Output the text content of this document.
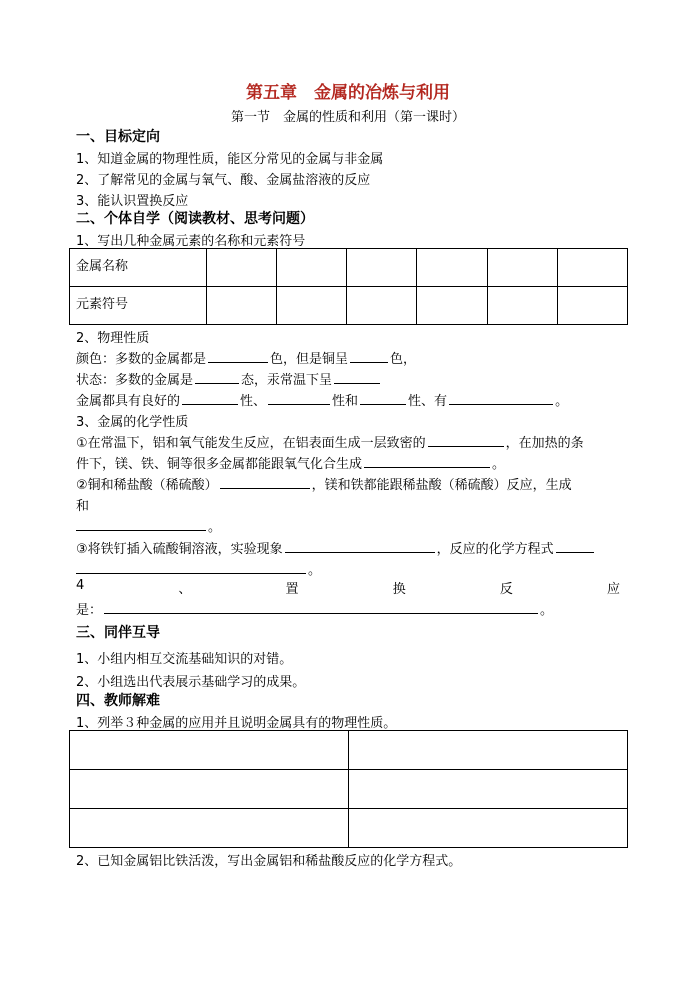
第五章　金属的冶炼与利用
第一节　金属的性质和利用（第一课时）
一、目标定向
1、知道金属的物理性质，能区分常见的金属与非金属
2、了解常见的金属与氧气、酸、金属盐溶液的反应
3、能认识置换反应
二、个体自学（阅读教材、思考问题）
1、写出几种金属元素的名称和元素符号
金属名称						
元素符号						
2、物理性质
颜色：多数的金属都是	色，但是铜呈	色，
状态：多数的金属是	态，汞常温下呈
金属都具有良好的	性、	性和	性、有	。
3、金属的化学性质
①在常温下，铝和氧气能发生反应，在铝表面生成一层致密的	，在加热的条
件下，镁、铁、铜等很多金属都能跟氧气化合生成	。
②铜和稀盐酸（稀硫酸）	，镁和铁都能跟稀盐酸（稀硫酸）反应，生成
和
。
③将铁钉插入硫酸铜溶液，实验现象	，反应的化学方程式
。
4	、	置	换	反	应
是：	。
三、同伴互导
1、小组内相互交流基础知识的对错。
2、小组选出代表展示基础学习的成果。
四、教师解难
1、列举３种金属的应用并且说明金属具有的物理性质。

2、已知金属铝比铁活泼，写出金属铝和稀盐酸反应的化学方程式。
